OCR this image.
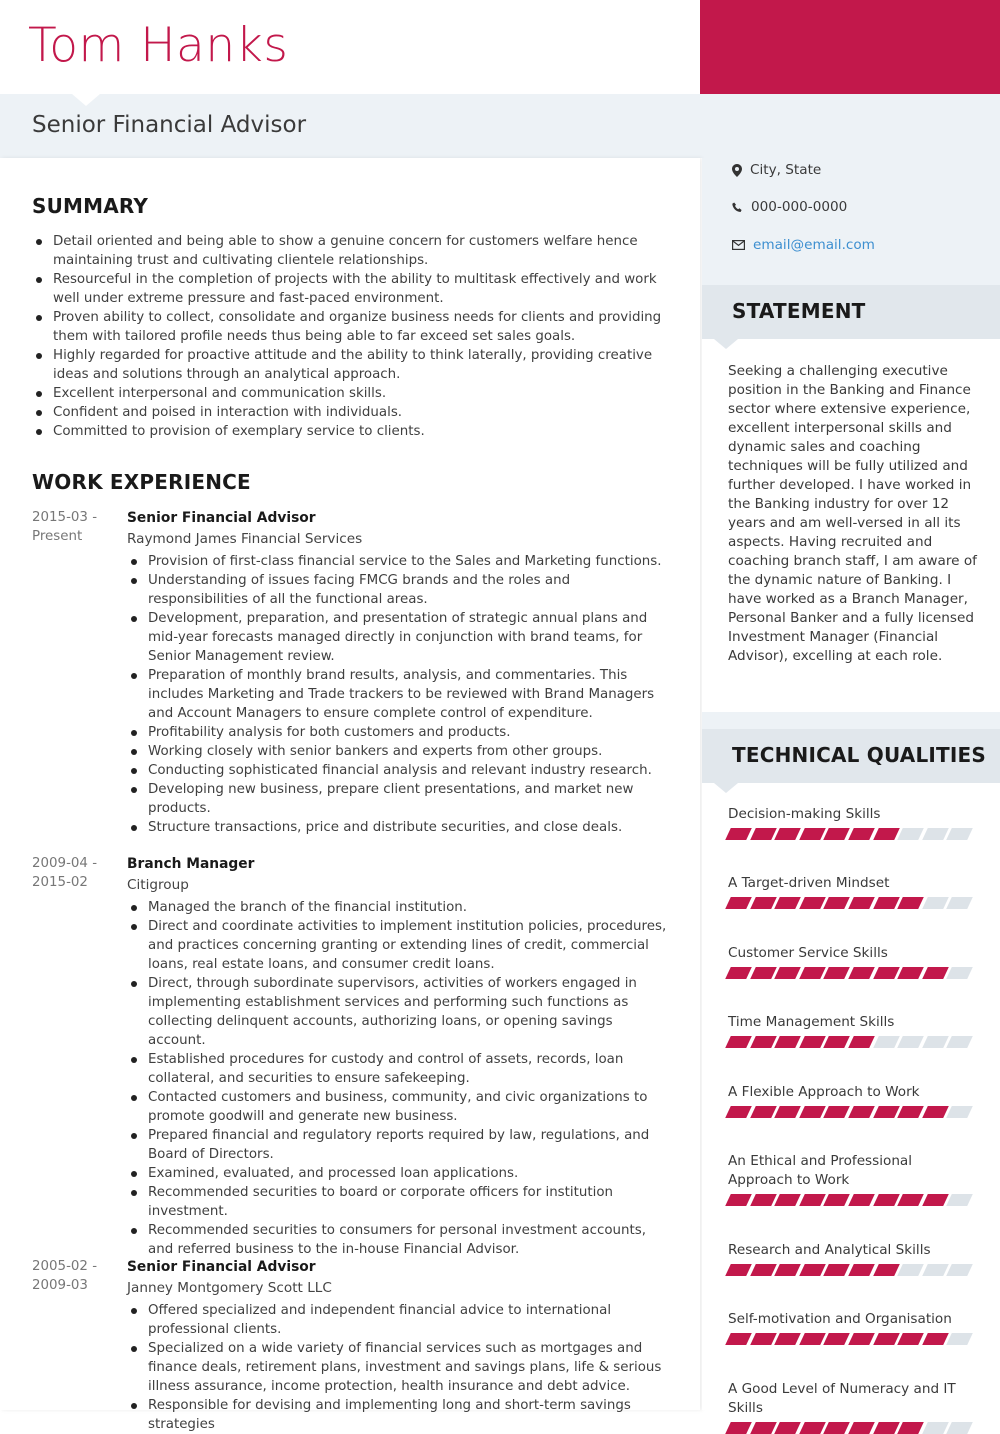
Tom Hanks
Senior Financial Advisor
SUMMARY
Detail oriented and being able to show a genuine concern for customers welfare hence maintaining trust and cultivating clientele relationships.
Resourceful in the completion of projects with the ability to multitask effectively and work well under extreme pressure and fast-paced environment.
Proven ability to collect, consolidate and organize business needs for clients and providing them with tailored profile needs thus being able to far exceed set sales goals.
Highly regarded for proactive attitude and the ability to think laterally, providing creative ideas and solutions through an analytical approach.
Excellent interpersonal and communication skills.
Confident and poised in interaction with individuals.
Committed to provision of exemplary service to clients.
WORK EXPERIENCE
2015-03 - Present
Senior Financial Advisor
Raymond James Financial Services
Provision of first-class financial service to the Sales and Marketing functions.
Understanding of issues facing FMCG brands and the roles and responsibilities of all the functional areas.
Development, preparation, and presentation of strategic annual plans and mid-year forecasts managed directly in conjunction with brand teams, for Senior Management review.
Preparation of monthly brand results, analysis, and commentaries. This includes Marketing and Trade trackers to be reviewed with Brand Managers and Account Managers to ensure complete control of expenditure.
Profitability analysis for both customers and products.
Working closely with senior bankers and experts from other groups.
Conducting sophisticated financial analysis and relevant industry research.
Developing new business, prepare client presentations, and market new products.
Structure transactions, price and distribute securities, and close deals.
2009-04 - 2015-02
Branch Manager
Citigroup
Managed the branch of the financial institution.
Direct and coordinate activities to implement institution policies, procedures, and practices concerning granting or extending lines of credit, commercial loans, real estate loans, and consumer credit loans.
Direct, through subordinate supervisors, activities of workers engaged in implementing establishment services and performing such functions as collecting delinquent accounts, authorizing loans, or opening savings account.
Established procedures for custody and control of assets, records, loan collateral, and securities to ensure safekeeping.
Contacted customers and business, community, and civic organizations to promote goodwill and generate new business.
Prepared financial and regulatory reports required by law, regulations, and Board of Directors.
Examined, evaluated, and processed loan applications.
Recommended securities to board or corporate officers for institution investment.
Recommended securities to consumers for personal investment accounts, and referred business to the in-house Financial Advisor.
2005-02 - 2009-03
Senior Financial Advisor
Janney Montgomery Scott LLC
Offered specialized and independent financial advice to international professional clients.
Specialized on a wide variety of financial services such as mortgages and finance deals, retirement plans, investment and savings plans, life & serious illness assurance, income protection, health insurance and debt advice.
Responsible for devising and implementing long and short-term savings strategies
City, State
000-000-0000
email@email.com
STATEMENT
Seeking a challenging executive position in the Banking and Finance sector where extensive experience, excellent interpersonal skills and dynamic sales and coaching techniques will be fully utilized and further developed. I have worked in the Banking industry for over 12 years and am well-versed in all its aspects. Having recruited and coaching branch staff, I am aware of the dynamic nature of Banking. I have worked as a Branch Manager, Personal Banker and a fully licensed Investment Manager (Financial Advisor), excelling at each role.
TECHNICAL QUALITIES
Decision-making Skills
A Target-driven Mindset
Customer Service Skills
Time Management Skills
A Flexible Approach to Work
An Ethical and Professional Approach to Work
Research and Analytical Skills
Self-motivation and Organisation
A Good Level of Numeracy and IT Skills
